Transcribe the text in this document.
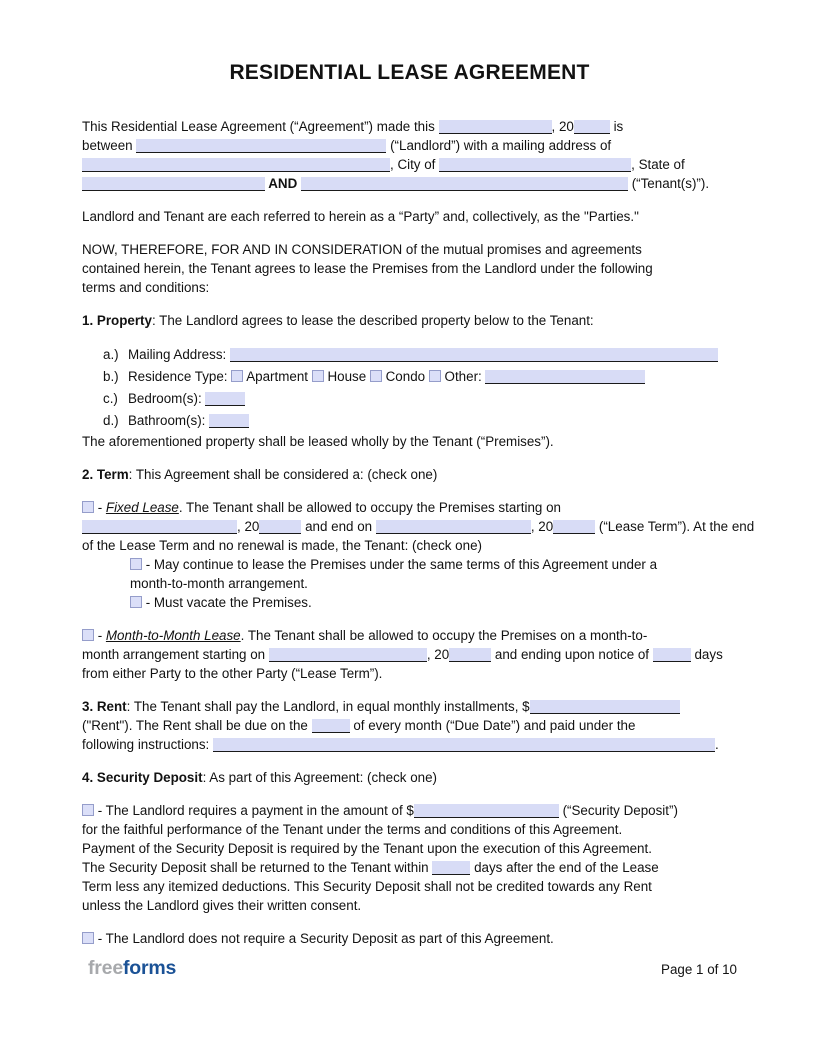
RESIDENTIAL LEASE AGREEMENT
This Residential Lease Agreement (“Agreement”) made this	, 20	is
between	(“Landlord”) with a mailing address of
, City of	, State of
AND	(“Tenant(s)”).
Landlord and Tenant are each referred to herein as a “Party” and, collectively, as the "Parties."
NOW, THEREFORE, FOR AND IN CONSIDERATION of the mutual promises and agreements
contained herein, the Tenant agrees to lease the Premises from the Landlord under the following
terms and conditions:
1. Property: The Landlord agrees to lease the described property below to the Tenant:
a.) Mailing Address:
b.) Residence Type:  Apartment  House  Condo  Other:
c.) Bedroom(s):
d.) Bathroom(s):
The aforementioned property shall be leased wholly by the Tenant (“Premises”).
2. Term: This Agreement shall be considered a: (check one)
- Fixed Lease. The Tenant shall be allowed to occupy the Premises starting on
, 20	and end on	, 20	(“Lease Term”). At the end
of the Lease Term and no renewal is made, the Tenant: (check one)
- May continue to lease the Premises under the same terms of this Agreement under a
month-to-month arrangement.
- Must vacate the Premises.
- Month-to-Month Lease. The Tenant shall be allowed to occupy the Premises on a month-to-
month arrangement starting on	, 20	and ending upon notice of	days
from either Party to the other Party (“Lease Term”).
3. Rent: The Tenant shall pay the Landlord, in equal monthly installments, $
("Rent"). The Rent shall be due on the	of every month (“Due Date”) and paid under the
following instructions:	.
4. Security Deposit: As part of this Agreement: (check one)
- The Landlord requires a payment in the amount of $	(“Security Deposit”)
for the faithful performance of the Tenant under the terms and conditions of this Agreement.
Payment of the Security Deposit is required by the Tenant upon the execution of this Agreement.
The Security Deposit shall be returned to the Tenant within	days after the end of the Lease
Term less any itemized deductions. This Security Deposit shall not be credited towards any Rent
unless the Landlord gives their written consent.
- The Landlord does not require a Security Deposit as part of this Agreement.
freeforms	Page 1 of 10
